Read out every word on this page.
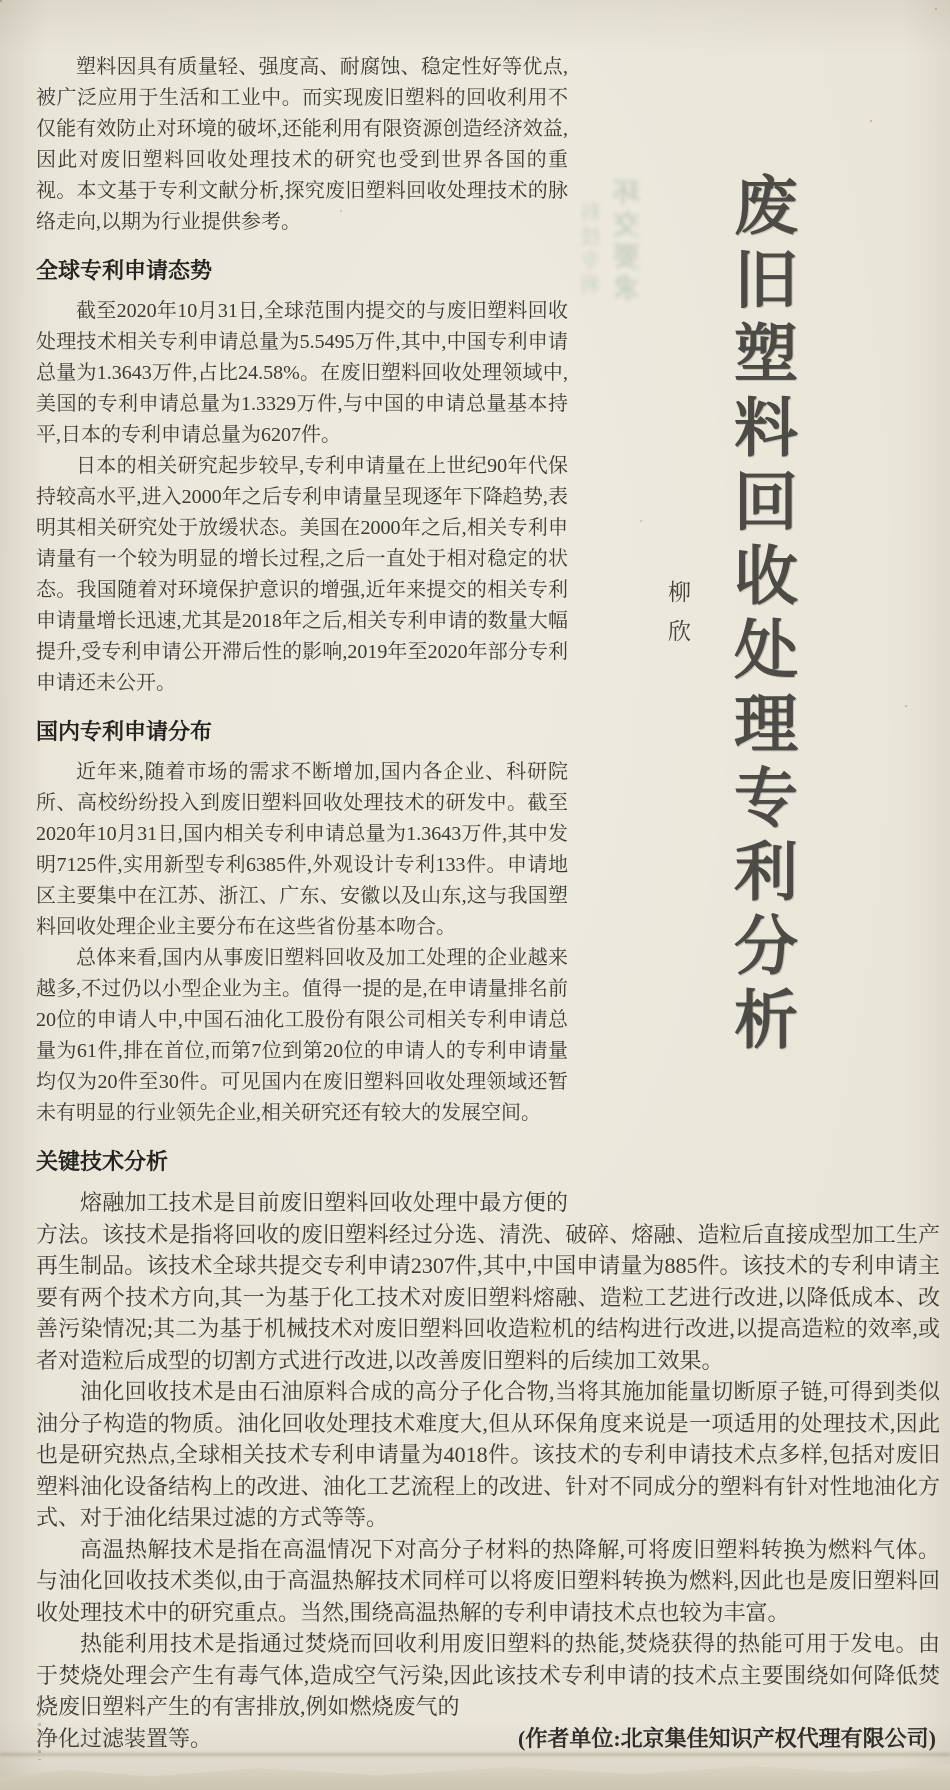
环交要求
科技专利 废旧塑料回收处理专利分析
柳欣

塑料因具有质量轻、强度高、耐腐蚀、稳定性好等优点,被广泛应用于生活和工业中。而实现废旧塑料的回收利用不仅能有效防止对环境的破坏,还能利用有限资源创造经济效益,因此对废旧塑料回收处理技术的研究也受到世界各国的重视。本文基于专利文献分析,探究废旧塑料回收处理技术的脉络走向,以期为行业提供参考。

全球专利申请态势

截至2020年10月31日,全球范围内提交的与废旧塑料回收处理技术相关专利申请总量为5.5495万件,其中,中国专利申请总量为1.3643万件,占比24.58%。在废旧塑料回收处理领域中,美国的专利申请总量为1.3329万件,与中国的申请总量基本持平,日本的专利申请总量为6207件。

日本的相关研究起步较早,专利申请量在上世纪90年代保持较高水平,进入2000年之后专利申请量呈现逐年下降趋势,表明其相关研究处于放缓状态。美国在2000年之后,相关专利申请量有一个较为明显的增长过程,之后一直处于相对稳定的状态。我国随着对环境保护意识的增强,近年来提交的相关专利申请量增长迅速,尤其是2018年之后,相关专利申请的数量大幅提升,受专利申请公开滞后性的影响,2019年至2020年部分专利申请还未公开。

国内专利申请分布

近年来,随着市场的需求不断增加,国内各企业、科研院所、高校纷纷投入到废旧塑料回收处理技术的研发中。截至2020年10月31日,国内相关专利申请总量为1.3643万件,其中发明7125件,实用新型专利6385件,外观设计专利133件。申请地区主要集中在江苏、浙江、广东、安徽以及山东,这与我国塑料回收处理企业主要分布在这些省份基本吻合。

总体来看,国内从事废旧塑料回收及加工处理的企业越来越多,不过仍以小型企业为主。值得一提的是,在申请量排名前20位的申请人中,中国石油化工股份有限公司相关专利申请总量为61件,排在首位,而第7位到第20位的申请人的专利申请量均仅为20件至30件。可见国内在废旧塑料回收处理领域还暂未有明显的行业领先企业,相关研究还有较大的发展空间。

关键技术分析

熔融加工技术是目前废旧塑料回收处理中最方便的方法。该技术是指将回收的废旧塑料经过分选、清洗、破碎、熔融、造粒后直接成型加工生产再生制品。该技术全球共提交专利申请2307件,其中,中国申请量为885件。该技术的专利申请主要有两个技术方向,其一为基于化工技术对废旧塑料熔融、造粒工艺进行改进,以降低成本、改善污染情况;其二为基于机械技术对废旧塑料回收造粒机的结构进行改进,以提高造粒的效率,或者对造粒后成型的切割方式进行改进,以改善废旧塑料的后续加工效果。

油化回收技术是由石油原料合成的高分子化合物,当将其施加能量切断原子链,可得到类似油分子构造的物质。油化回收处理技术难度大,但从环保角度来说是一项适用的处理技术,因此也是研究热点,全球相关技术专利申请量为4018件。该技术的专利申请技术点多样,包括对废旧塑料油化设备结构上的改进、油化工艺流程上的改进、针对不同成分的塑料有针对性地油化方式、对于油化结果过滤的方式等等。

高温热解技术是指在高温情况下对高分子材料的热降解,可将废旧塑料转换为燃料气体。与油化回收技术类似,由于高温热解技术同样可以将废旧塑料转换为燃料,因此也是废旧塑料回收处理技术中的研究重点。当然,围绕高温热解的专利申请技术点也较为丰富。

热能利用技术是指通过焚烧而回收利用废旧塑料的热能,焚烧获得的热能可用于发电。由于焚烧处理会产生有毒气体,造成空气污染,因此该技术专利申请的技术点主要围绕如何降低焚烧废旧塑料产生的有害排放,例如燃烧废气的

净化过滤装置等。	(作者单位:北京集佳知识产权代理有限公司)
